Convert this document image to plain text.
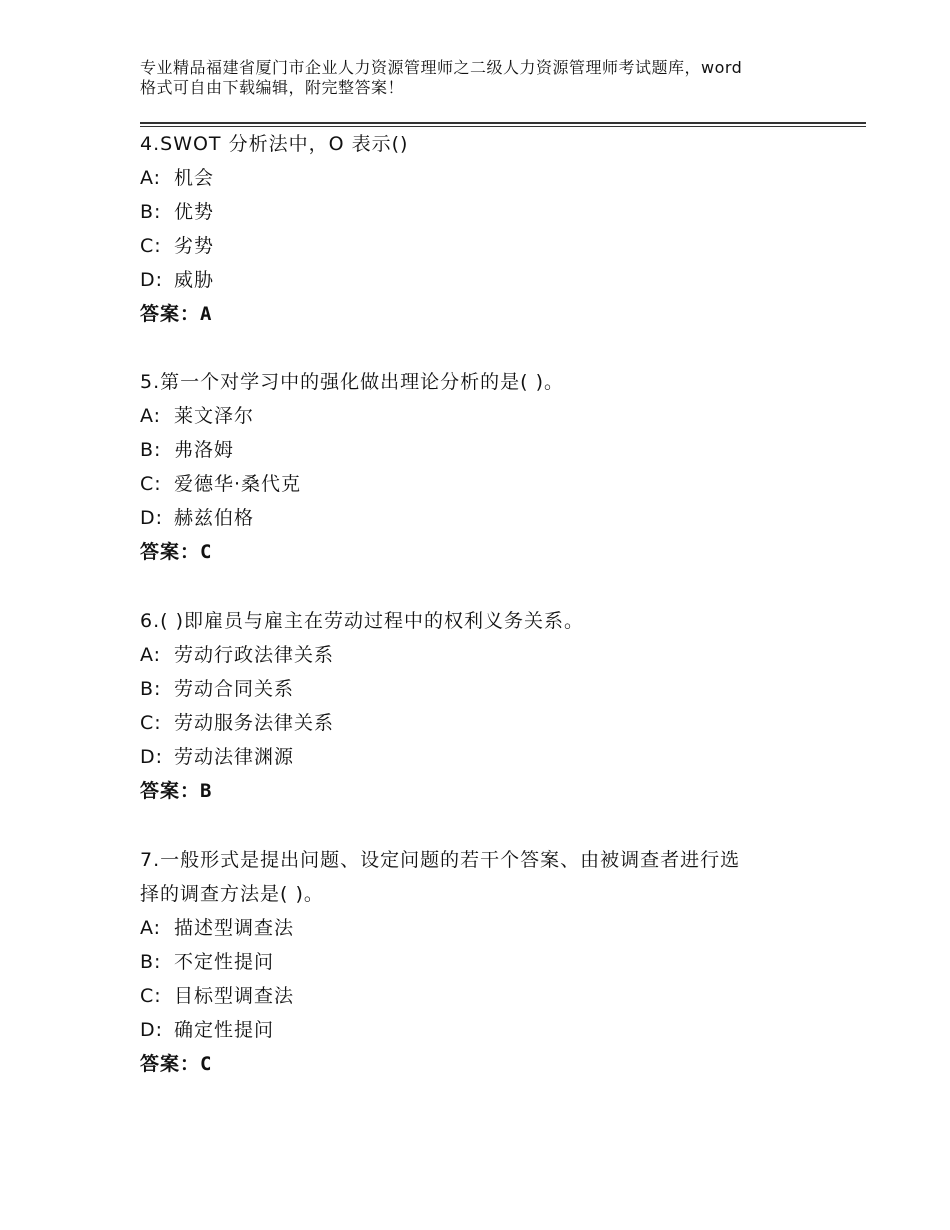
专业精品福建省厦门市企业人力资源管理师之二级人力资源管理师考试题库，word
格式可自由下载编辑，附完整答案！
4.SWOT 分析法中，O 表示()
A: 机会
B: 优势
C: 劣势
D: 威胁
答案：A
5.第一个对学习中的强化做出理论分析的是( )。
A: 莱文泽尔
B: 弗洛姆
C: 爱德华·桑代克
D: 赫兹伯格
答案：C
6.( )即雇员与雇主在劳动过程中的权利义务关系。
A: 劳动行政法律关系
B: 劳动合同关系
C: 劳动服务法律关系
D: 劳动法律渊源
答案：B
7.一般形式是提出问题、设定问题的若干个答案、由被调查者进行选
择的调查方法是( )。
A: 描述型调查法
B: 不定性提问
C: 目标型调查法
D: 确定性提问
答案：C
